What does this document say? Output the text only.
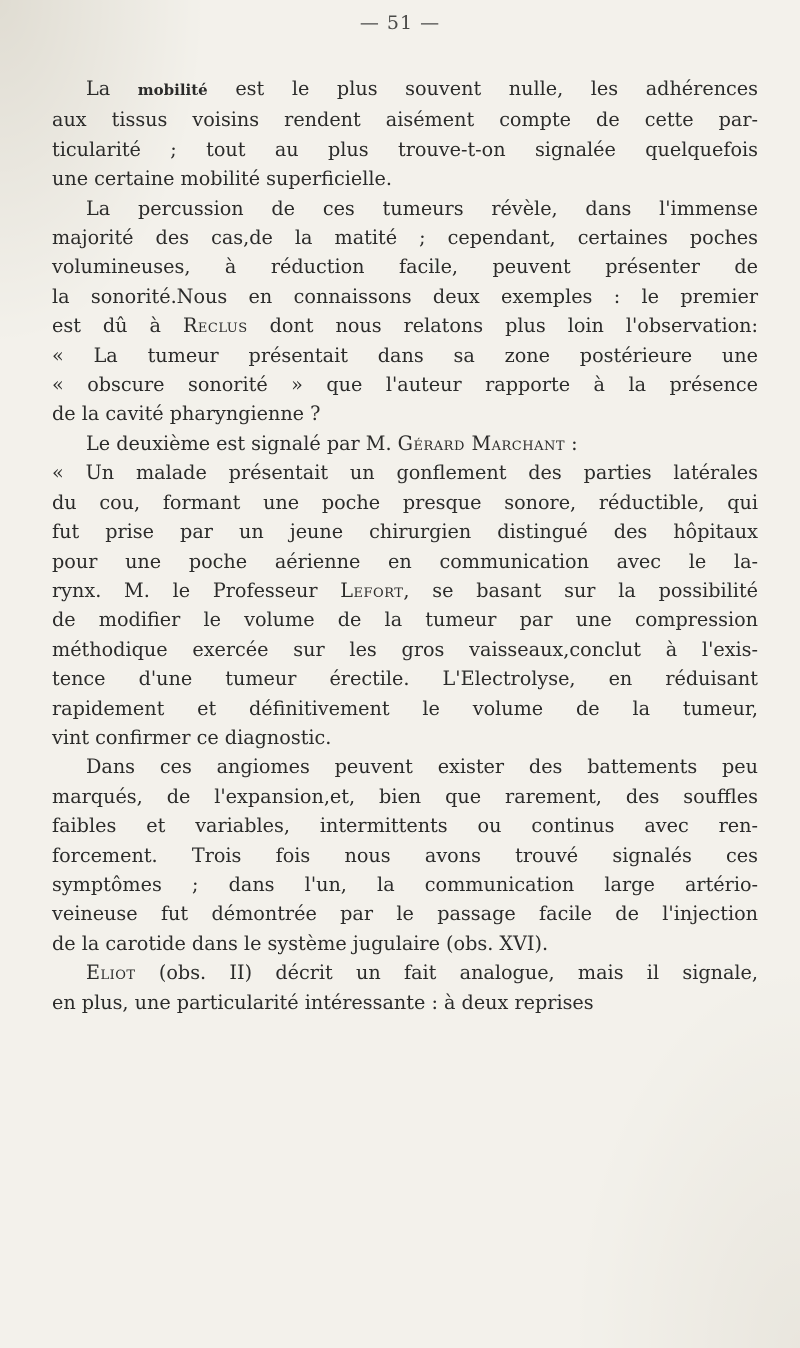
— 51 —
La mobilité est le plus souvent nulle, les adhérences
aux tissus voisins rendent aisément compte de cette par-
ticularité ; tout au plus trouve-t-on signalée quelquefois
une certaine mobilité superficielle.
La percussion de ces tumeurs révèle, dans l'immense
majorité des cas,de la matité ; cependant, certaines poches
volumineuses, à réduction facile, peuvent présenter de
la sonorité.Nous en connaissons deux exemples : le premier
est dû à Reclus dont nous relatons plus loin l'observation:
« La tumeur présentait dans sa zone postérieure une
« obscure sonorité » que l'auteur rapporte à la présence
de la cavité pharyngienne ?
Le deuxième est signalé par M. Gérard Marchant :
« Un malade présentait un gonflement des parties latérales
du cou, formant une poche presque sonore, réductible, qui
fut prise par un jeune chirurgien distingué des hôpitaux
pour une poche aérienne en communication avec le la-
rynx. M. le Professeur Lefort, se basant sur la possibilité
de modifier le volume de la tumeur par une compression
méthodique exercée sur les gros vaisseaux,conclut à l'exis-
tence d'une tumeur érectile. L'Electrolyse, en réduisant
rapidement et définitivement le volume de la tumeur,
vint confirmer ce diagnostic.
Dans ces angiomes peuvent exister des battements peu
marqués, de l'expansion,et, bien que rarement, des souffles
faibles et variables, intermittents ou continus avec ren-
forcement. Trois fois nous avons trouvé signalés ces
symptômes ; dans l'un, la communication large artério-
veineuse fut démontrée par le passage facile de l'injection
de la carotide dans le système jugulaire (obs. XVI).
Eliot (obs. II) décrit un fait analogue, mais il signale,
en plus, une particularité intéressante : à deux reprises
